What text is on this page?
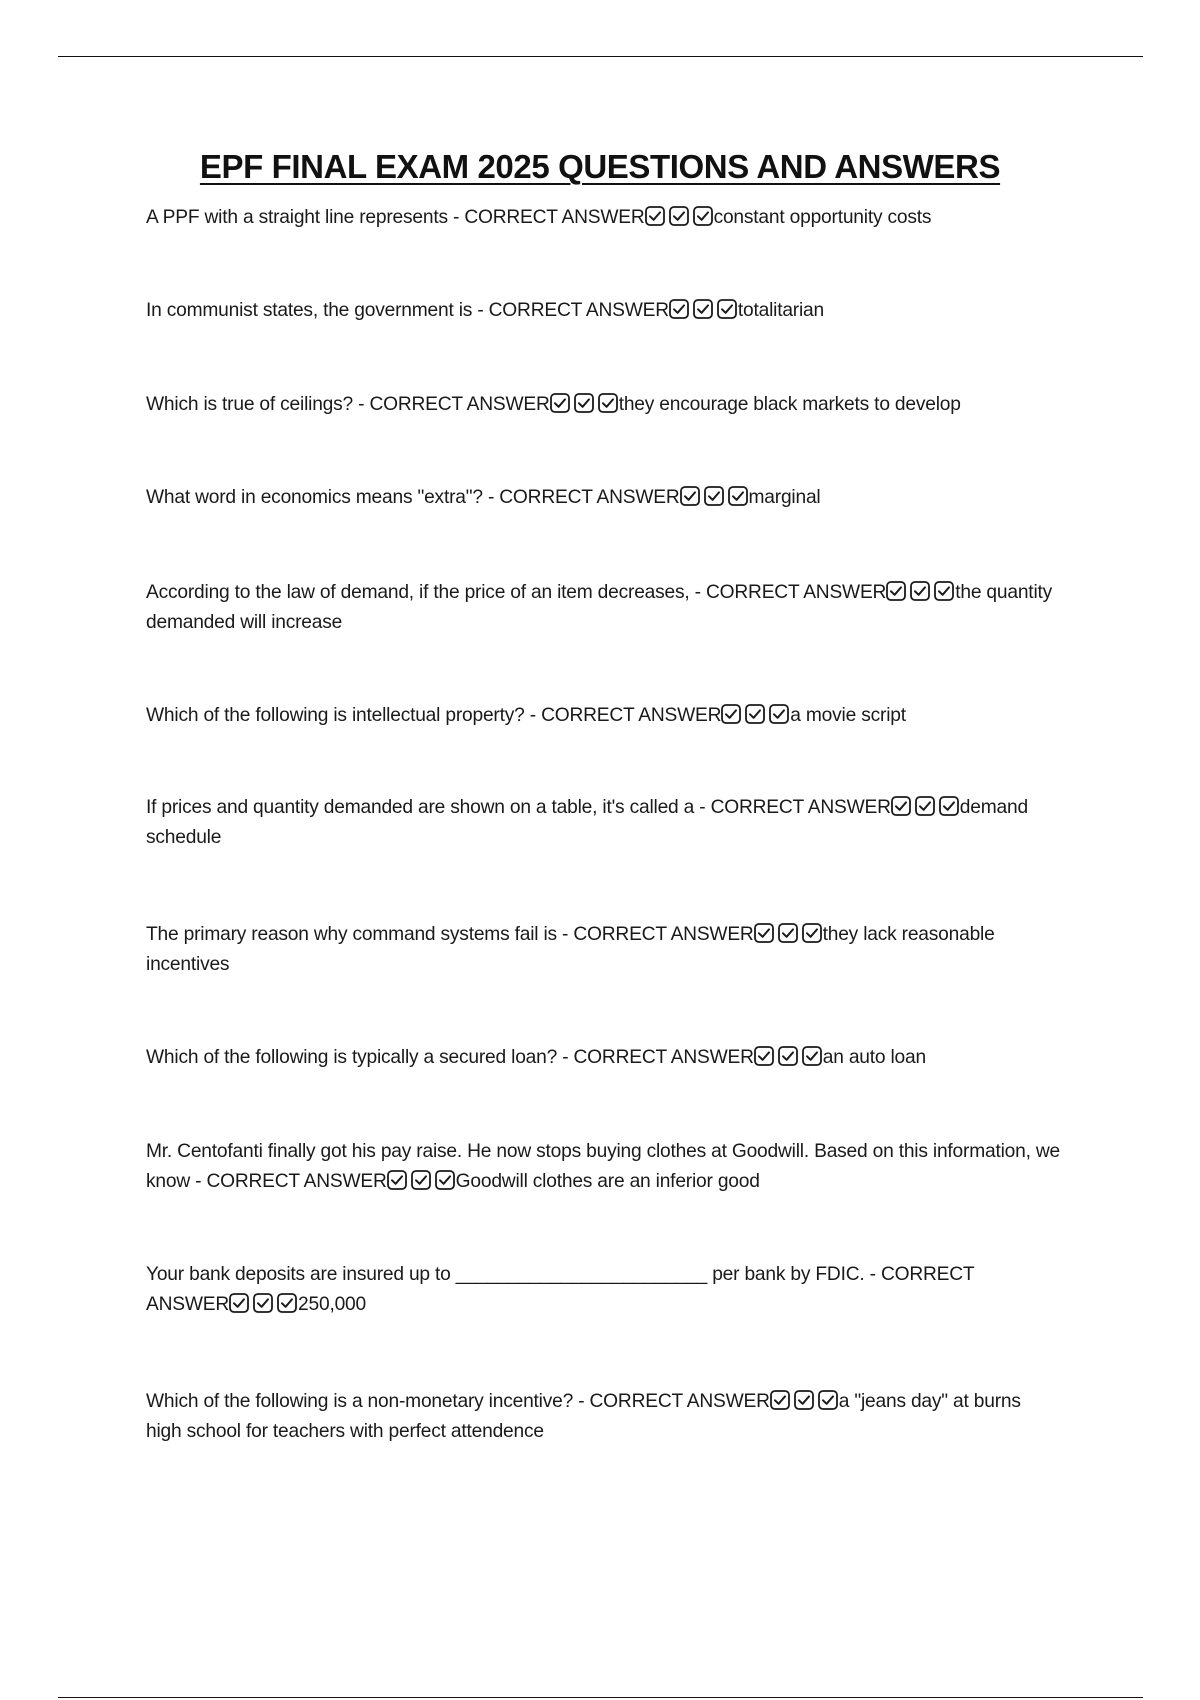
EPF FINAL EXAM 2025 QUESTIONS AND ANSWERS

A PPF with a straight line represents - CORRECT ANSWER	constant opportunity costs

In communist states, the government is - CORRECT ANSWER	totalitarian

Which is true of ceilings? - CORRECT ANSWER	they encourage black markets to develop

What word in economics means "extra"? - CORRECT ANSWER	marginal

According to the law of demand, if the price of an item decreases, - CORRECT ANSWER	the quantity demanded will increase

Which of the following is intellectual property? - CORRECT ANSWER	a movie script

If prices and quantity demanded are shown on a table, it's called a - CORRECT ANSWER	demand schedule

The primary reason why command systems fail is - CORRECT ANSWER	they lack reasonable incentives

Which of the following is typically a secured loan? - CORRECT ANSWER	an auto loan

Mr. Centofanti finally got his pay raise. He now stops buying clothes at Goodwill. Based on this information, we know - CORRECT ANSWER	Goodwill clothes are an inferior good

Your bank deposits are insured up to ________________________ per bank by FDIC. - CORRECT ANSWER	250,000

Which of the following is a non-monetary incentive? - CORRECT ANSWER	a "jeans day" at burns high school for teachers with perfect attendence
